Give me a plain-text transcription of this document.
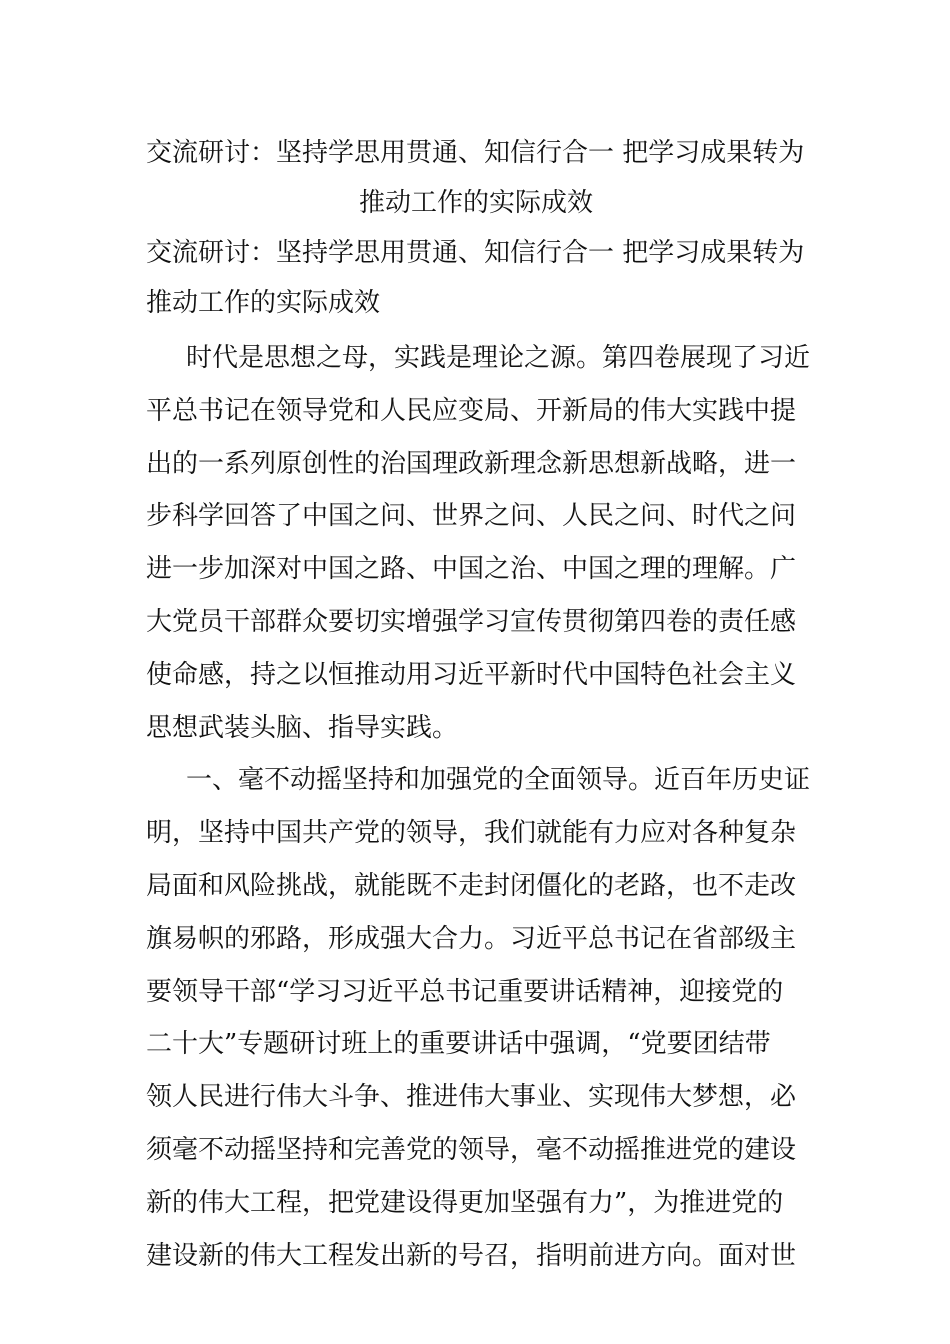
交流研讨：坚持学思用贯通、知信行合一 把学习成果转为
推动工作的实际成效
交流研讨：坚持学思用贯通、知信行合一 把学习成果转为
推动工作的实际成效
时代是思想之母，实践是理论之源。第四卷展现了习近
平总书记在领导党和人民应变局、开新局的伟大实践中提
出的一系列原创性的治国理政新理念新思想新战略，进一
步科学回答了中国之问、世界之问、人民之问、时代之问
进一步加深对中国之路、中国之治、中国之理的理解。广
大党员干部群众要切实增强学习宣传贯彻第四卷的责任感
使命感，持之以恒推动用习近平新时代中国特色社会主义
思想武装头脑、指导实践。
一、毫不动摇坚持和加强党的全面领导。近百年历史证
明，坚持中国共产党的领导，我们就能有力应对各种复杂
局面和风险挑战，就能既不走封闭僵化的老路，也不走改
旗易帜的邪路，形成强大合力。习近平总书记在省部级主
要领导干部“学习习近平总书记重要讲话精神，迎接党的
二十大”专题研讨班上的重要讲话中强调，“党要团结带
领人民进行伟大斗争、推进伟大事业、实现伟大梦想，必
须毫不动摇坚持和完善党的领导，毫不动摇推进党的建设
新的伟大工程，把党建设得更加坚强有力”，为推进党的
建设新的伟大工程发出新的号召，指明前进方向。面对世
